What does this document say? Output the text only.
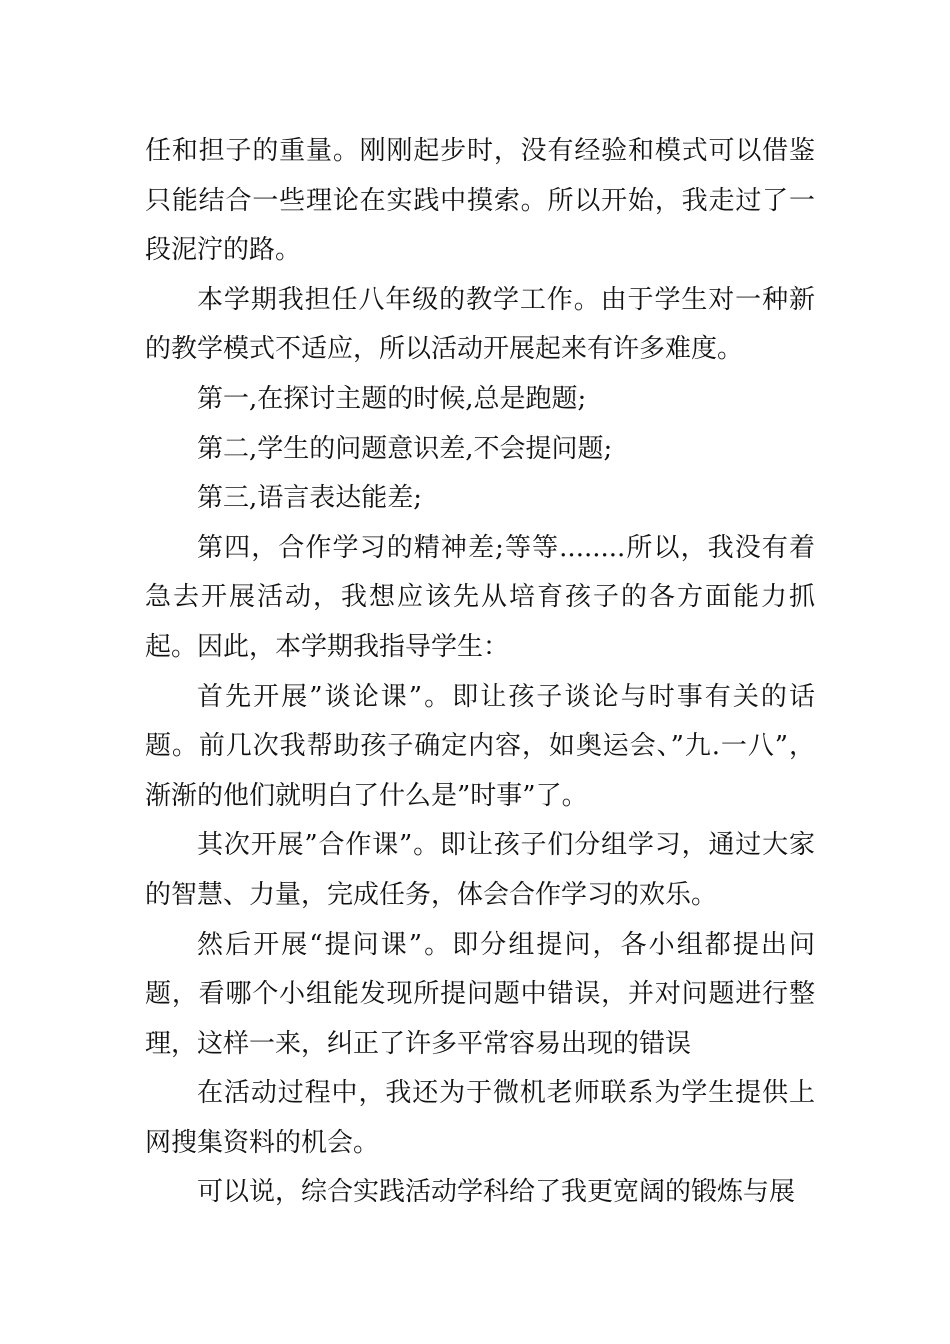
任和担子的重量。刚刚起步时，没有经验和模式可以借鉴只能结合一些理论在实践中摸索。所以开始，我走过了一段泥泞的路。

本学期我担任八年级的教学工作。由于学生对一种新的教学模式不适应，所以活动开展起来有许多难度。

第一,在探讨主题的时候,总是跑题;

第二,学生的问题意识差,不会提问题;

第三,语言表达能差;

第四，合作学习的精神差;等等........所以，我没有着急去开展活动，我想应该先从培育孩子的各方面能力抓起。因此，本学期我指导学生：

首先开展”谈论课”。即让孩子谈论与时事有关的话题。前几次我帮助孩子确定内容，如奥运会、”九.一八”，渐渐的他们就明白了什么是”时事”了。

其次开展”合作课”。即让孩子们分组学习，通过大家的智慧、力量，完成任务，体会合作学习的欢乐。

然后开展“提问课”。即分组提问，各小组都提出问题，看哪个小组能发现所提问题中错误，并对问题进行整理，这样一来，纠正了许多平常容易出现的错误

在活动过程中，我还为于微机老师联系为学生提供上网搜集资料的机会。

可以说，综合实践活动学科给了我更宽阔的锻炼与展
